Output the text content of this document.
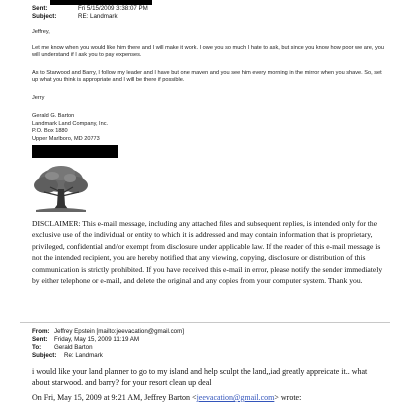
Sent:	Fri 5/15/2009 3:38:07 PM
Subject:	RE: Landmark
Jeffrey,
Let me know when you would like him there and I will make it work. I owe you so much I hate to ask, but since you know how poor we are, you will understand if I ask you to pay expenses.
As to Starwood and Barry, I follow my leader and I have but one maven and you see him every morning in the mirror when you shave. So, set up what you think is appropriate and I will be there if possible.
Jerry
Gerald G. Barton
Landmark Land Company, Inc.
P.O. Box 1880
Upper Marlboro, MD 20773
DISCLAIMER: This e-mail message, including any attached files and subsequent replies, is intended only for the exclusive use of the individual or entity to which it is addressed and may contain information that is proprietary, privileged, confidential and/or exempt from disclosure under applicable law. If the reader of this e-mail message is not the intended recipient, you are hereby notified that any viewing, copying, disclosure or distribution of this communication is strictly prohibited. If you have received this e-mail in error, please notify the sender immediately by either telephone or e-mail, and delete the original and any copies from your computer system. Thank you.
From: Jeffrey Epstein [mailto:jeevacation@gmail.com]
Sent: Friday, May 15, 2009 11:19 AM
To: Gerald Barton
Subject: Re: Landmark
i would like your land planner to go to my island and help sculpt the land,,iad greatly appreicate it.. what about starwood. and barry? for your resort clean up deal
On Fri, May 15, 2009 at 9:21 AM, Jeffrey Barton <jeevacation@gmail.com> wrote:
